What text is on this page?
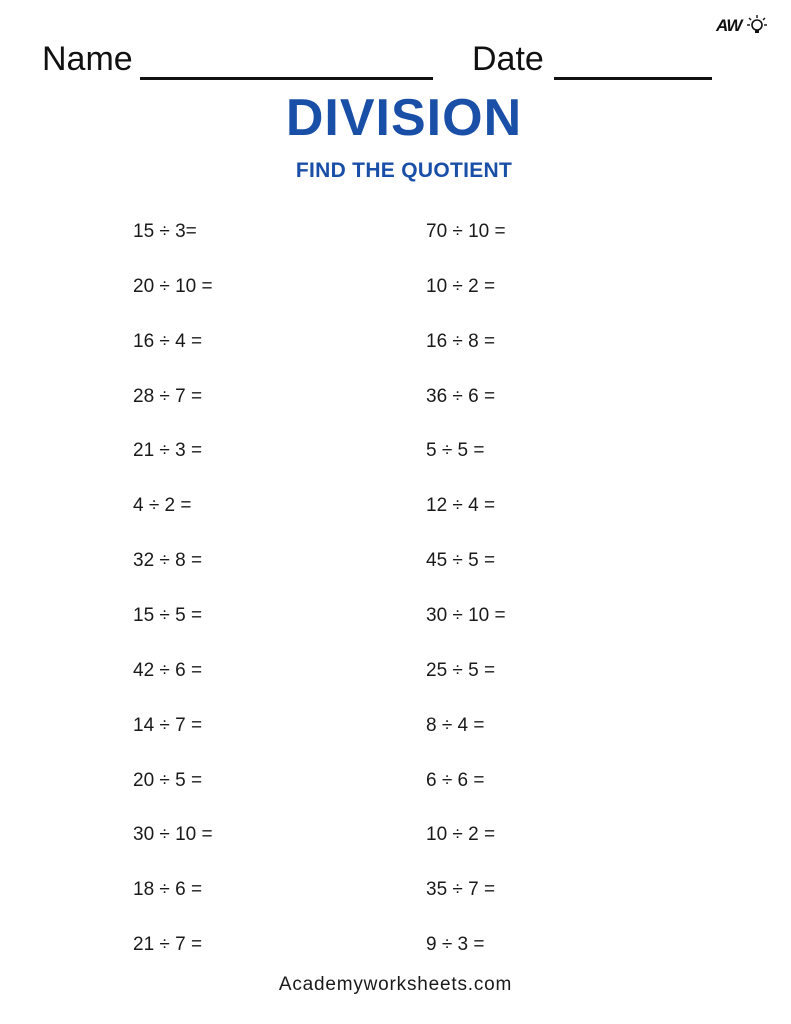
AW
Name	Date
DIVISION
FIND THE QUOTIENT
15 ÷ 3=
20 ÷ 10 =
16 ÷ 4 =
28 ÷ 7 =
21 ÷ 3 =
4 ÷ 2 =
32 ÷ 8 =
15 ÷ 5 =
42 ÷ 6 =
14 ÷ 7 =
20 ÷ 5 =
30 ÷ 10 =
18 ÷ 6 =
21 ÷ 7 =
70 ÷ 10 =
10 ÷ 2 =
16 ÷ 8 =
36 ÷ 6 =
5 ÷ 5 =
12 ÷ 4 =
45 ÷ 5 =
30 ÷ 10 =
25 ÷ 5 =
8 ÷ 4 =
6 ÷ 6 =
10 ÷ 2 =
35 ÷ 7 =
9 ÷ 3 =
Academyworksheets.com
